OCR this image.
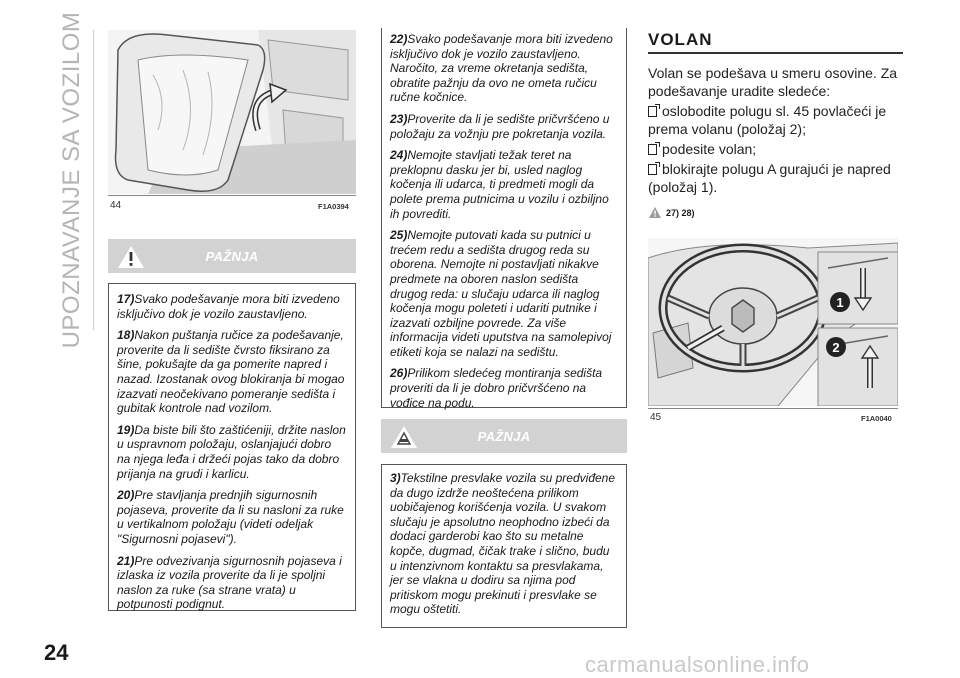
UPOZNAVANJE SA VOZILOM	44	F1A0394
PAŽNJA

17)Svako podešavanje mora biti izvedeno isključivo dok je vozilo zaustavljeno.

18)Nakon puštanja ručice za podešavanje, proverite da li sedište čvrsto fiksirano za šine, pokušajte da ga pomerite napred i nazad. Izostanak ovog blokiranja bi mogao izazvati neočekivano pomeranje sedišta i gubitak kontrole nad vozilom.

19)Da biste bili što zaštićeniji, držite naslon u uspravnom položaju, oslanjajući dobro na njega leđa i držeći pojas tako da dobro prijanja na grudi i karlicu.

20)Pre stavljanja prednjih sigurnosnih pojaseva, proverite da li su nasloni za ruke u vertikalnom položaju (videti odeljak "Sigurnosni pojasevi").

21)Pre odvezivanja sigurnosnih pojaseva i izlaska iz vozila proverite da li je spoljni naslon za ruke (sa strane vrata) u potpunosti podignut.

22)Svako podešavanje mora biti izvedeno isključivo dok je vozilo zaustavljeno. Naročito, za vreme okretanja sedišta, obratite pažnju da ovo ne ometa ručicu ručne kočnice.

23)Proverite da li je sedište pričvršćeno u položaju za vožnju pre pokretanja vozila.

24)Nemojte stavljati težak teret na preklopnu dasku jer bi, usled naglog kočenja ili udarca, ti predmeti mogli da polete prema putnicima u vozilu i ozbiljno ih povrediti.

25)Nemojte putovati kada su putnici u trećem redu a sedišta drugog reda su oborena. Nemojte ni postavljati nikakve predmete na oboren naslon sedišta drugog reda: u slučaju udarca ili naglog kočenja mogu poleteti i udariti putnike i izazvati ozbiljne povrede. Za više informacija videti uputstva na samolepivoj etiketi koja se nalazi na sedištu.

26)Prilikom sledećeg montiranja sedišta proveriti da li je dobro pričvršćeno na vođice na podu.

PAŽNJA

3)Tekstilne presvlake vozila su predviđene da dugo izdrže neoštećena prilikom uobičajenog korišćenja vozila. U svakom slučaju je apsolutno neophodno izbeći da dodaci garderobi kao što su metalne kopče, dugmad, čičak trake i slično, budu u intenzivnom kontaktu sa presvlakama, jer se vlakna u dodiru sa njima pod pritiskom mogu prekinuti i presvlake se mogu oštetiti.

VOLAN

Volan se podešava u smeru osovine. Za podešavanje uradite sledeće:

oslobodite polugu sl. 45 povlačeći je prema volanu (položaj 2);

podesite volan;

blokirajte polugu A gurajući je napred (položaj 1).

27) 28)
1
2
45	F1A0040
24	carmanualsonline.info
